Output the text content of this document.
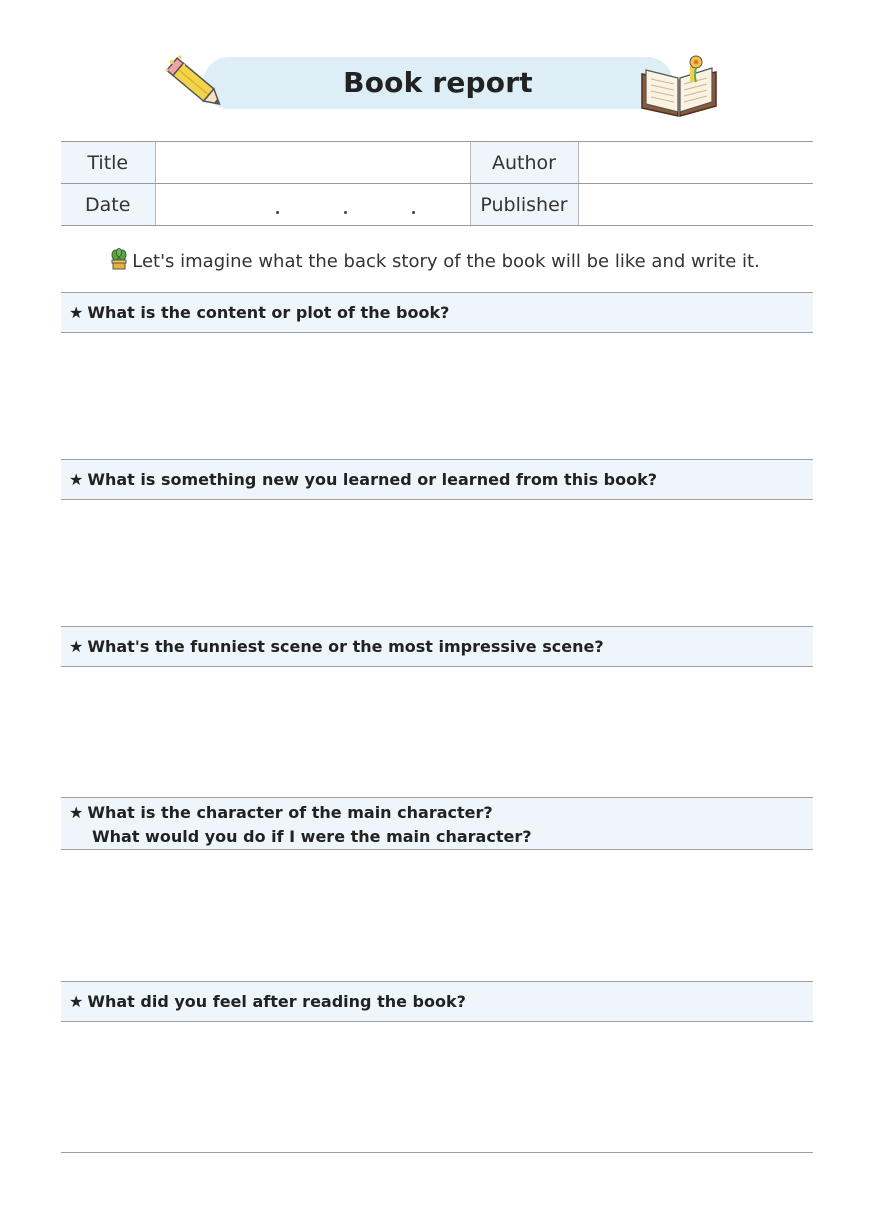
Book report
Title		Author	
Date		Publisher	
Let's imagine what the back story of the book will be like and write it.
★ What is the content or plot of the book?
★ What is something new you learned or learned from this book?
★ What's the funniest scene or the most impressive scene?
★ What is the character of the main character?
What would you do if I were the main character?
★ What did you feel after reading the book?
